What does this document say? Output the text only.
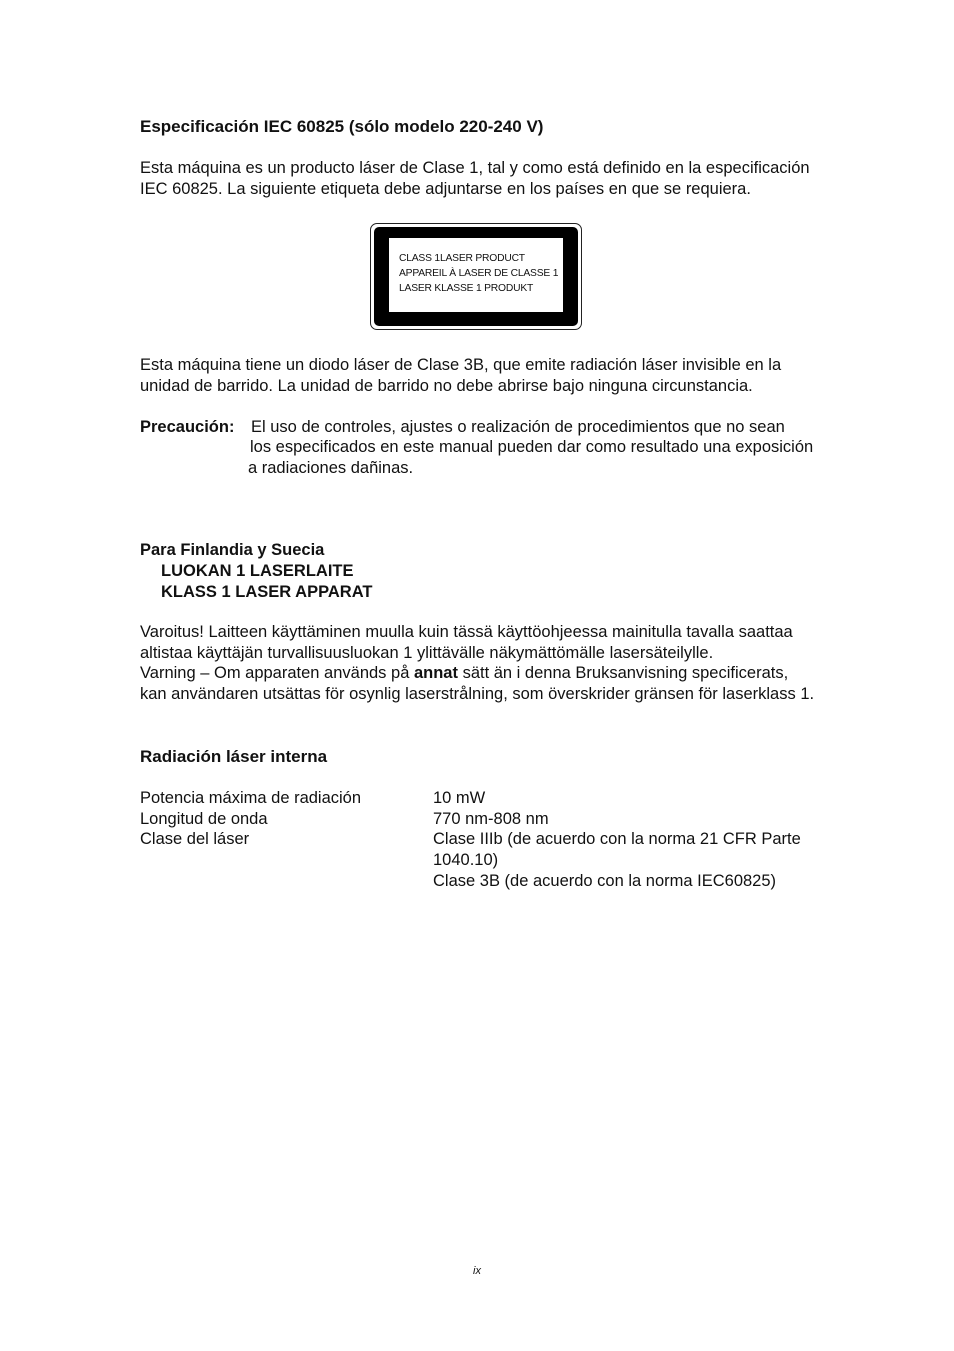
Especificación IEC 60825 (sólo modelo 220-240 V)
Esta máquina es un producto láser de Clase 1, tal y como está definido en la especificación
IEC 60825. La siguiente etiqueta debe adjuntarse en los países en que se requiera.
CLASS 1LASER PRODUCT
APPAREIL À LASER DE CLASSE 1
LASER KLASSE 1 PRODUKT
Esta máquina tiene un diodo láser de Clase 3B, que emite radiación láser invisible en la
unidad de barrido. La unidad de barrido no debe abrirse bajo ninguna circunstancia.
Precaución: El uso de controles, ajustes o realización de procedimientos que no sean
los especificados en este manual pueden dar como resultado una exposición
a radiaciones dañinas.
Para Finlandia y Suecia
LUOKAN 1 LASERLAITE
KLASS 1 LASER APPARAT
Varoitus! Laitteen käyttäminen muulla kuin tässä käyttöohjeessa mainitulla tavalla saattaa
altistaa käyttäjän turvallisuusluokan 1 ylittävälle näkymättömälle lasersäteilylle.
Varning – Om apparaten används på annat sätt än i denna Bruksanvisning specificerats,
kan användaren utsättas för osynlig laserstrålning, som överskrider gränsen för laserklass 1.
Radiación láser interna
Potencia máxima de radiación	10 mW
Longitud de onda	770 nm-808 nm
Clase del láser	Clase IIIb (de acuerdo con la norma 21 CFR Parte
1040.10)
Clase 3B (de acuerdo con la norma IEC60825)
ix
